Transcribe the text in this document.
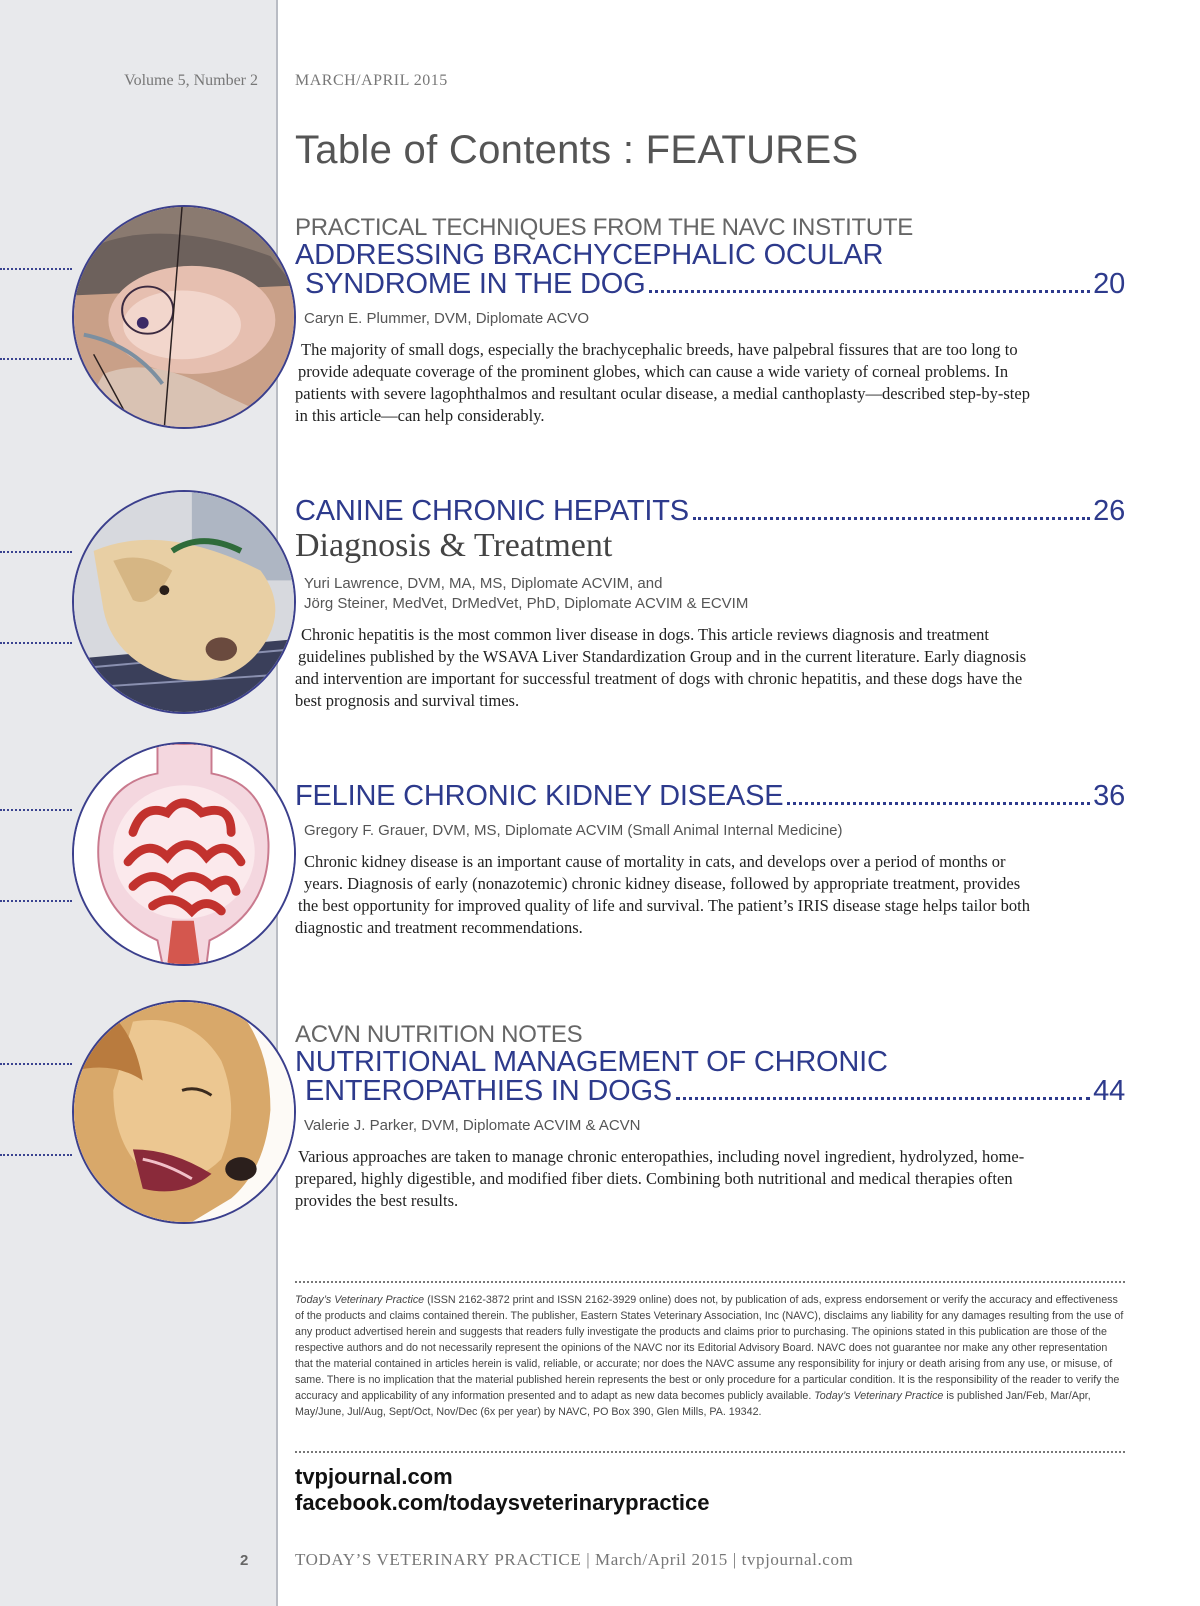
Volume 5, Number 2 MARCH/APRIL 2015
Table of Contents : FEATURES
PRACTICAL TECHNIQUES FROM THE NAVC INSTITUTE
ADDRESSING BRACHYCEPHALIC OCULAR
SYNDROME IN THE DOG	20
Caryn E. Plummer, DVM, Diplomate ACVO

The majority of small dogs, especially the brachycephalic breeds, have palpebral fissures that are too long to

provide adequate coverage of the prominent globes, which can cause a wide variety of corneal problems. In

patients with severe lagophthalmos and resultant ocular disease, a medial canthoplasty—described step-by-step

in this article—can help considerably.

CANINE CHRONIC HEPATITS	26
Diagnosis & Treatment
Yuri Lawrence, DVM, MA, MS, Diplomate ACVIM, and
Jörg Steiner, MedVet, DrMedVet, PhD, Diplomate ACVIM & ECVIM

Chronic hepatitis is the most common liver disease in dogs. This article reviews diagnosis and treatment

guidelines published by the WSAVA Liver Standardization Group and in the current literature. Early diagnosis

and intervention are important for successful treatment of dogs with chronic hepatitis, and these dogs have the

best prognosis and survival times.

FELINE CHRONIC KIDNEY DISEASE	36
Gregory F. Grauer, DVM, MS, Diplomate ACVIM (Small Animal Internal Medicine)

Chronic kidney disease is an important cause of mortality in cats, and develops over a period of months or

years. Diagnosis of early (nonazotemic) chronic kidney disease, followed by appropriate treatment, provides

the best opportunity for improved quality of life and survival. The patient’s IRIS disease stage helps tailor both

diagnostic and treatment recommendations.

ACVN NUTRITION NOTES
NUTRITIONAL MANAGEMENT OF CHRONIC
ENTEROPATHIES IN DOGS	44
Valerie J. Parker, DVM, Diplomate ACVIM & ACVN

Various approaches are taken to manage chronic enteropathies, including novel ingredient, hydrolyzed, home-

prepared, highly digestible, and modified fiber diets. Combining both nutritional and medical therapies often

provides the best results.

Today’s Veterinary Practice (ISSN 2162-3872 print and ISSN 2162-3929 online) does not, by publication of ads, express endorsement or verify the accuracy and effectiveness of the products and claims contained therein. The publisher, Eastern States Veterinary Association, Inc (NAVC), disclaims any liability for any damages resulting from the use of any product advertised herein and suggests that readers fully investigate the products and claims prior to purchasing. The opinions stated in this publication are those of the respective authors and do not necessarily represent the opinions of the NAVC nor its Editorial Advisory Board. NAVC does not guarantee nor make any other representation that the material contained in articles herein is valid, reliable, or accurate; nor does the NAVC assume any responsibility for injury or death arising from any use, or misuse, of same. There is no implication that the material published herein represents the best or only procedure for a particular condition. It is the responsibility of the reader to verify the accuracy and applicability of any information presented and to adapt as new data becomes publicly available. Today’s Veterinary Practice is published Jan/Feb, Mar/Apr, May/June, Jul/Aug, Sept/Oct, Nov/Dec (6x per year) by NAVC, PO Box 390, Glen Mills, PA. 19342.
tvpjournal.com
facebook.com/todaysveterinarypractice
2	TODAY’S VETERINARY PRACTICE | March/April 2015 | tvpjournal.com
